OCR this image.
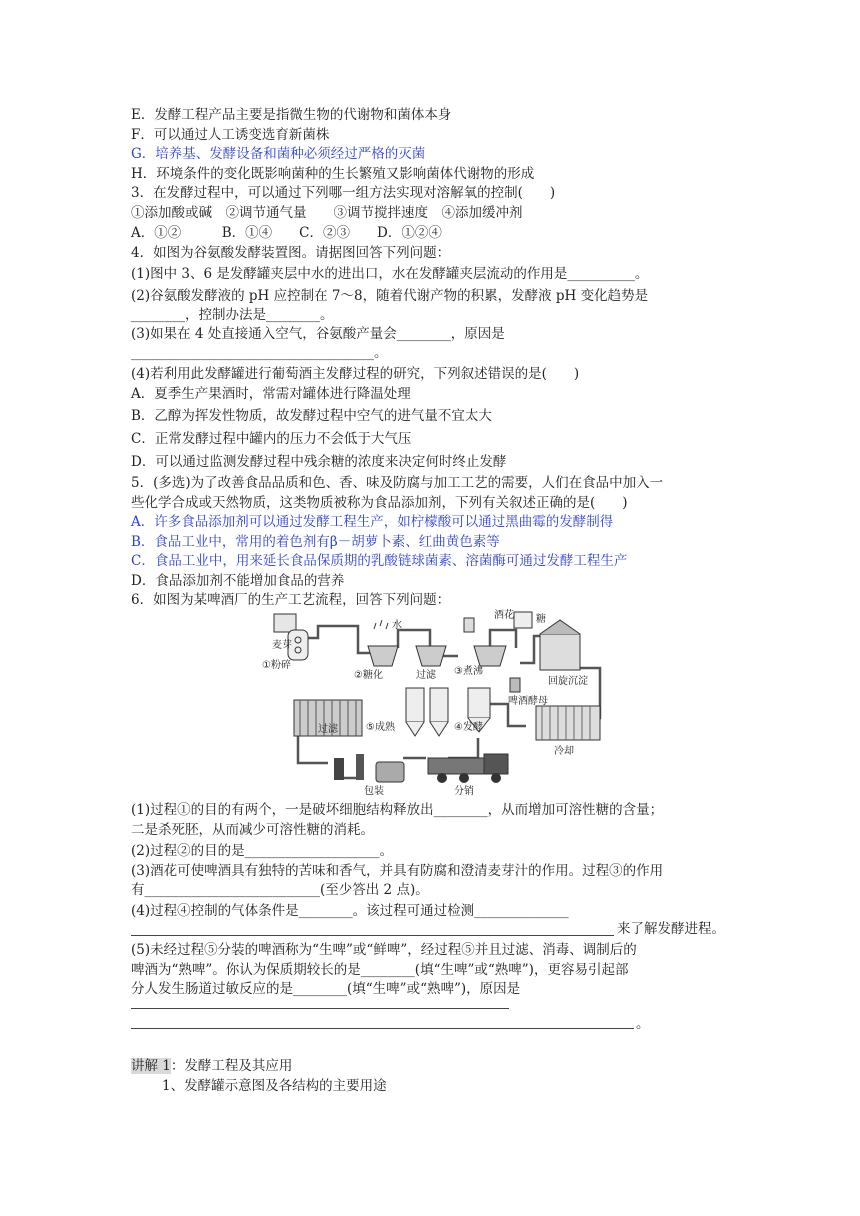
E．发酵工程产品主要是指微生物的代谢物和菌体本身
F．可以通过人工诱变选育新菌株
G．培养基、发酵设备和菌种必须经过严格的灭菌
H．环境条件的变化既影响菌种的生长繁殖又影响菌体代谢物的形成
3．在发酵过程中，可以通过下列哪一组方法实现对溶解氧的控制(　　)
①添加酸或碱　②调节通气量　　③调节搅拌速度　④添加缓冲剂
A．①②　　　B．①④　　C．②③　　D．①②④
4．如图为谷氨酸发酵装置图。请据图回答下列问题：
(1)图中 3、6 是发酵罐夹层中水的进出口，水在发酵罐夹层流动的作用是__________。
(2)谷氨酸发酵液的 pH 应控制在 7～8，随着代谢产物的积累，发酵液 pH 变化趋势是
________，控制办法是________。
(3)如果在 4 处直接通入空气，谷氨酸产量会________，原因是
____________________________________。
(4)若利用此发酵罐进行葡萄酒主发酵过程的研究，下列叙述错误的是(　　)
A．夏季生产果酒时，常需对罐体进行降温处理
B．乙醇为挥发性物质，故发酵过程中空气的进气量不宜太大
C．正常发酵过程中罐内的压力不会低于大气压
D．可以通过监测发酵过程中残余糖的浓度来决定何时终止发酵
5．(多选)为了改善食品品质和色、香、味及防腐与加工工艺的需要，人们在食品中加入一
些化学合成或天然物质，这类物质被称为食品添加剂，下列有关叙述正确的是(　　)
A．许多食品添加剂可以通过发酵工程生产，如柠檬酸可以通过黑曲霉的发酵制得
B．食品工业中，常用的着色剂有β－胡萝卜素、红曲黄色素等
C．食品工业中，用来延长食品保质期的乳酸链球菌素、溶菌酶可通过发酵工程生产
D．食品添加剂不能增加食品的营养
6．如图为某啤酒厂的生产工艺流程，回答下列问题：
麦芽
①粉碎
②糖化
水
过滤 ③煮沸
酒花 糖
回旋沉淀
冷却
啤酒酵母
④发酵
⑤成熟
过滤
包装	分销
(1)过程①的目的有两个，一是破坏细胞结构释放出________，从而增加可溶性糖的含量；
二是杀死胚，从而减少可溶性糖的消耗。
(2)过程②的目的是____________________。
(3)酒花可使啤酒具有独特的苦味和香气，并具有防腐和澄清麦芽汁的作用。过程③的作用
有__________________________(至少答出 2 点)。
(4)过程④控制的气体条件是________。该过程可通过检测______________
来了解发酵进程。
(5)未经过程⑤分装的啤酒称为“生啤”或“鲜啤”，经过程⑤并且过滤、消毒、调制后的
啤酒为“熟啤”。你认为保质期较长的是________(填“生啤”或“熟啤”)，更容易引起部
分人发生肠道过敏反应的是________(填“生啤”或“熟啤”)，原因是
。
讲解 1：发酵工程及其应用
1、发酵罐示意图及各结构的主要用途
